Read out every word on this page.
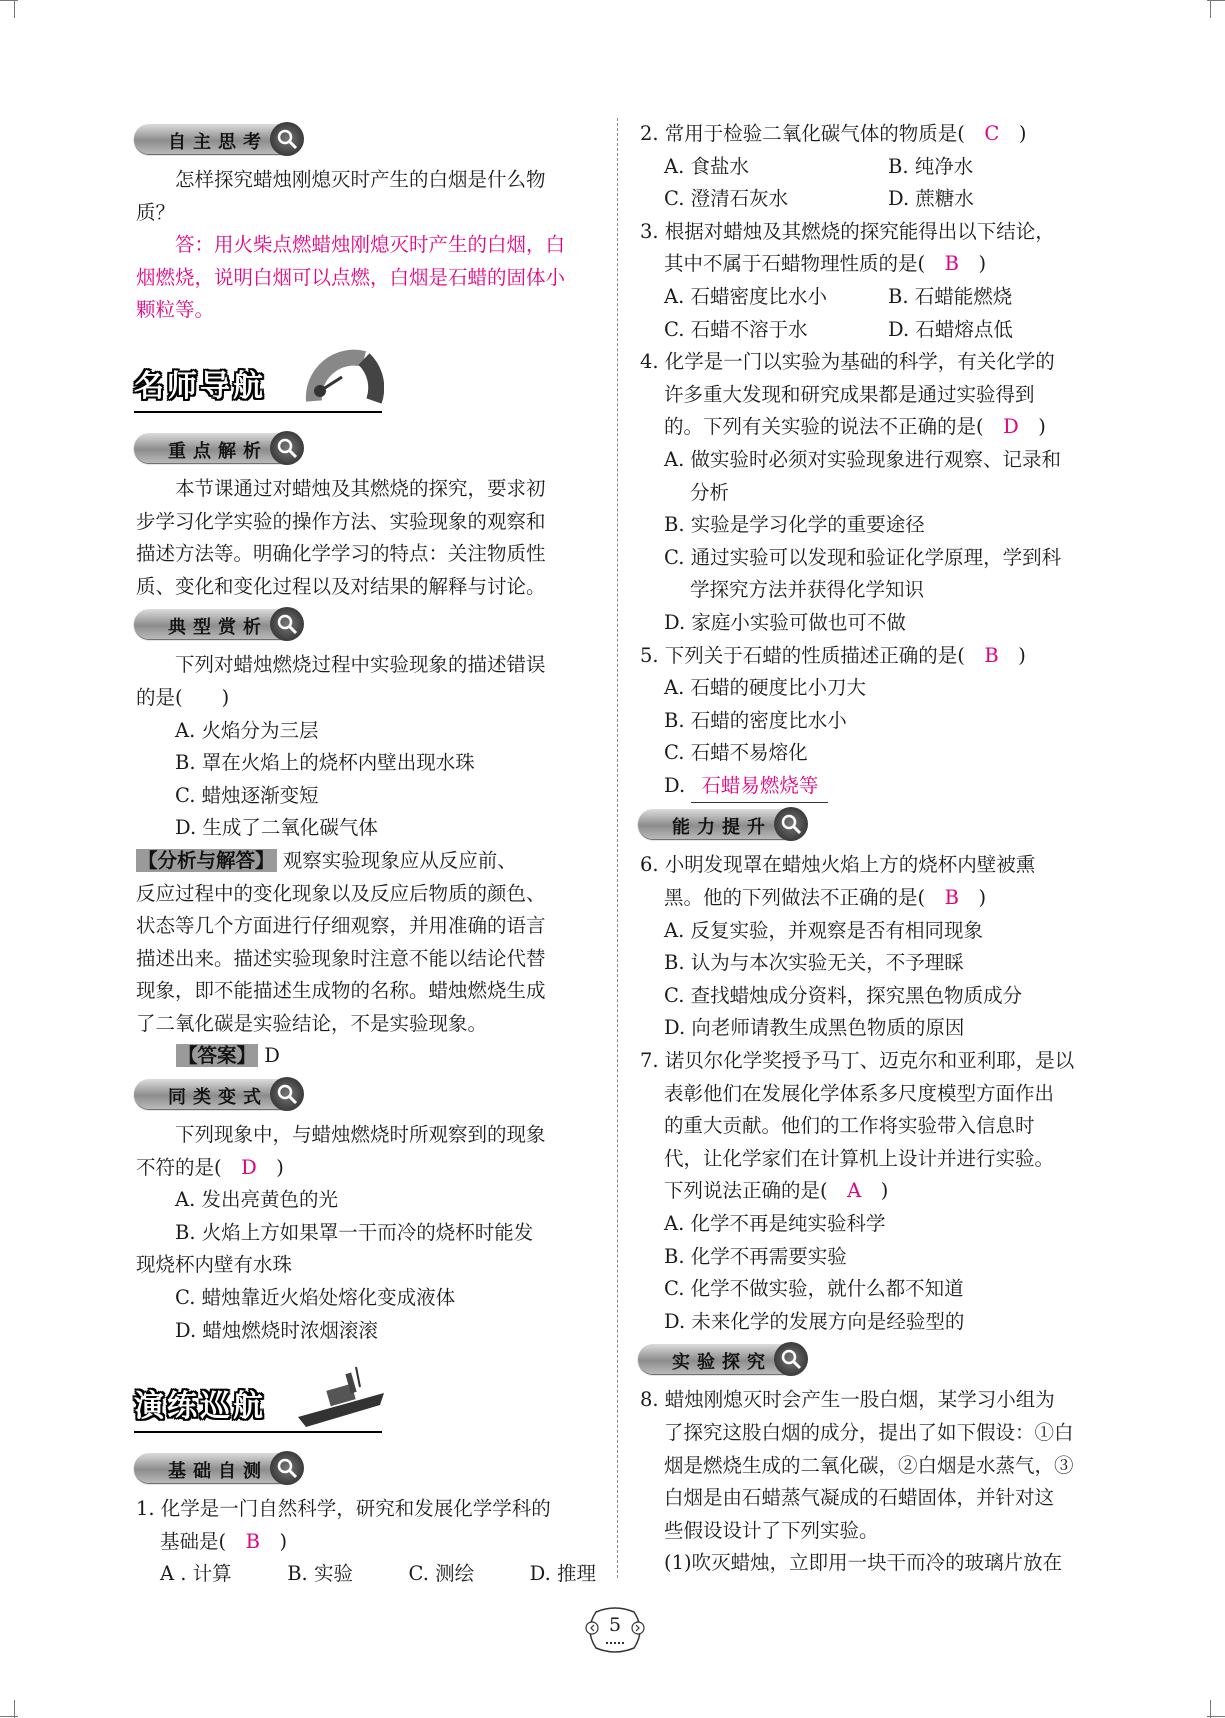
自主思考

怎样探究蜡烛刚熄灭时产生的白烟是什么物

质？

答：用火柴点燃蜡烛刚熄灭时产生的白烟，白

烟燃烧，说明白烟可以点燃，白烟是石蜡的固体小

颗粒等。

名师导航
重点解析

本节课通过对蜡烛及其燃烧的探究，要求初

步学习化学实验的操作方法、实验现象的观察和

描述方法等。明确化学学习的特点：关注物质性

质、变化和变化过程以及对结果的解释与讨论。

典型赏析

下列对蜡烛燃烧过程中实验现象的描述错误

的是(　　)

A. 火焰分为三层

B. 罩在火焰上的烧杯内壁出现水珠

C. 蜡烛逐渐变短

D. 生成了二氧化碳气体

【分析与解答】 观察实验现象应从反应前、

反应过程中的变化现象以及反应后物质的颜色、

状态等几个方面进行仔细观察，并用准确的语言

描述出来。描述实验现象时注意不能以结论代替

现象，即不能描述生成物的名称。蜡烛燃烧生成

了二氧化碳是实验结论，不是实验现象。

【答案】 D

同类变式

下列现象中，与蜡烛燃烧时所观察到的现象

不符的是(　D　)

A. 发出亮黄色的光

B. 火焰上方如果罩一干而冷的烧杯时能发

现烧杯内壁有水珠

C. 蜡烛靠近火焰处熔化变成液体

D. 蜡烛燃烧时浓烟滚滚

演练巡航
基础自测

1. 化学是一门自然科学，研究和发展化学学科的

基础是(　B　)

A . 计算	B. 实验	C. 测绘	D. 推理

2. 常用于检验二氧化碳气体的物质是(　C　)

A. 食盐水	B. 纯净水
C. 澄清石灰水	D. 蔗糖水

3. 根据对蜡烛及其燃烧的探究能得出以下结论，

其中不属于石蜡物理性质的是(　B　)

A. 石蜡密度比水小	B. 石蜡能燃烧
C. 石蜡不溶于水	D. 石蜡熔点低

4. 化学是一门以实验为基础的科学，有关化学的

许多重大发现和研究成果都是通过实验得到

的。下列有关实验的说法不正确的是(　D　)

A. 做实验时必须对实验现象进行观察、记录和

分析

B. 实验是学习化学的重要途径

C. 通过实验可以发现和验证化学原理，学到科

学探究方法并获得化学知识

D. 家庭小实验可做也可不做

5. 下列关于石蜡的性质描述正确的是(　B　)

A. 石蜡的硬度比小刀大

B. 石蜡的密度比水小

C. 石蜡不易熔化

D. 石蜡易燃烧等

能力提升

6. 小明发现罩在蜡烛火焰上方的烧杯内壁被熏

黑。他的下列做法不正确的是(　B　)

A. 反复实验，并观察是否有相同现象

B. 认为与本次实验无关，不予理睬

C. 查找蜡烛成分资料，探究黑色物质成分

D. 向老师请教生成黑色物质的原因

7. 诺贝尔化学奖授予马丁、迈克尔和亚利耶，是以

表彰他们在发展化学体系多尺度模型方面作出

的重大贡献。他们的工作将实验带入信息时

代，让化学家们在计算机上设计并进行实验。

下列说法正确的是(　A　)

A. 化学不再是纯实验科学

B. 化学不再需要实验

C. 化学不做实验，就什么都不知道

D. 未来化学的发展方向是经验型的

实验探究

8. 蜡烛刚熄灭时会产生一股白烟，某学习小组为

了探究这股白烟的成分，提出了如下假设：①白

烟是燃烧生成的二氧化碳，②白烟是水蒸气，③

白烟是由石蜡蒸气凝成的石蜡固体，并针对这

些假设设计了下列实验。

(1)吹灭蜡烛，立即用一块干而冷的玻璃片放在

5
